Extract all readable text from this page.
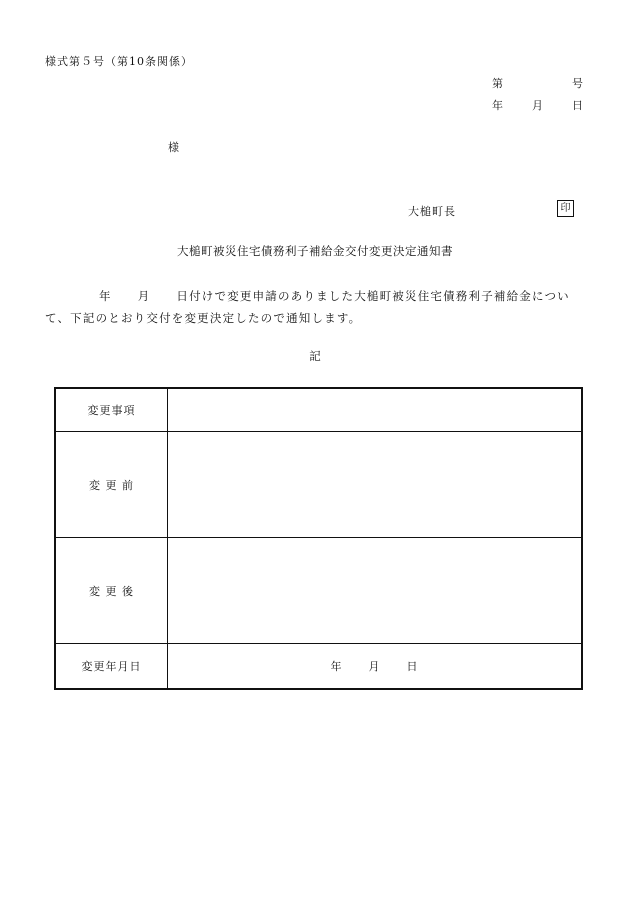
様式第５号（第10条関係）
第	号
年	月	日
様
大槌町長	印
大槌町被災住宅債務利子補給金交付変更決定通知書
年 月 日付けで変更申請のありました大槌町被災住宅債務利子補給金について、下記のとおり交付を変更決定したので通知します。
記
変更事項	
変 更 前	
変 更 後	
変更年月日	年 月 日
